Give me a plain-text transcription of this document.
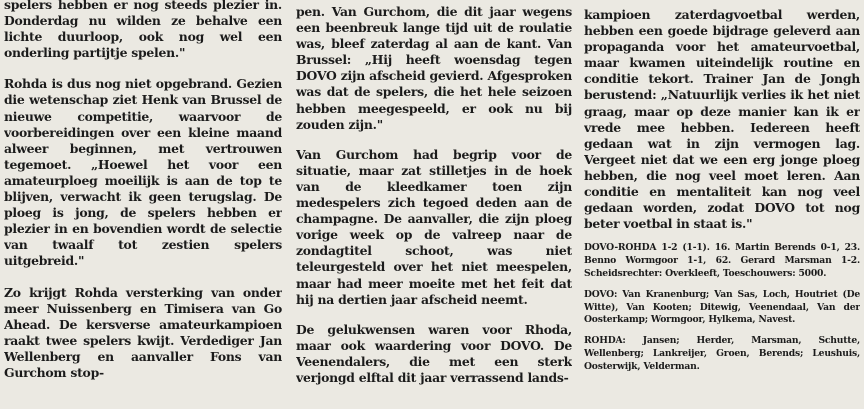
spelers hebben er nog steeds plezier in. Donderdag nu wilden ze behalve een lichte duurloop, ook nog wel een onderling partijtje spelen."

Rohda is dus nog niet opgebrand. Gezien die wetenschap ziet Henk van Brussel de nieuwe competitie, waarvoor de voorbereidingen over een kleine maand alweer beginnen, met vertrouwen tegemoet. „Hoewel het voor een amateurploeg moeilijk is aan de top te blijven, verwacht ik geen terugslag. De ploeg is jong, de spelers hebben er plezier in en bovendien wordt de selectie van twaalf tot zestien spelers uitgebreid."

Zo krijgt Rohda versterking van onder meer Nuissenberg en Timisera van Go Ahead. De kersverse amateurkampioen raakt twee spelers kwijt. Verdediger Jan Wellenberg en aanvaller Fons van Gurchom stop-

pen. Van Gurchom, die dit jaar wegens een beenbreuk lange tijd uit de roulatie was, bleef zaterdag al aan de kant. Van Brussel: „Hij heeft woensdag tegen DOVO zijn afscheid gevierd. Afgesproken was dat de spelers, die het hele seizoen hebben meegespeeld, er ook nu bij zouden zijn."

Van Gurchom had begrip voor de situatie, maar zat stilletjes in de hoek van de kleedkamer toen zijn medespelers zich tegoed deden aan de champagne. De aanvaller, die zijn ploeg vorige week op de valreep naar de zondagtitel schoot, was niet teleurgesteld over het niet meespelen, maar had meer moeite met het feit dat hij na dertien jaar afscheid neemt.

De gelukwensen waren voor Rhoda, maar ook waardering voor DOVO. De Veenendalers, die met een sterk verjongd elftal dit jaar verrassend lands-

kampioen zaterdagvoetbal werden, hebben een goede bijdrage geleverd aan propaganda voor het amateurvoetbal, maar kwamen uiteindelijk routine en conditie tekort. Trainer Jan de Jongh berustend: „Natuurlijk verlies ik het niet graag, maar op deze manier kan ik er vrede mee hebben. Iedereen heeft gedaan wat in zijn vermogen lag. Vergeet niet dat we een erg jonge ploeg hebben, die nog veel moet leren. Aan conditie en mentaliteit kan nog veel gedaan worden, zodat DOVO tot nog beter voetbal in staat is."

DOVO-ROHDA 1-2 (1-1). 16. Martin Berends 0-1, 23. Benno Wormgoor 1-1, 62. Gerard Marsman 1-2. Scheidsrechter: Overkleeft, Toeschouwers: 5000.

DOVO: Van Kranenburg; Van Sas, Loch, Houtriet (De Witte), Van Kooten; Ditewig, Veenendaal, Van der Oosterkamp; Wormgoor, Hylkema, Navest.

ROHDA: Jansen; Herder, Marsman, Schutte, Wellenberg; Lankreijer, Groen, Berends; Leushuis, Oosterwijk, Velderman.
